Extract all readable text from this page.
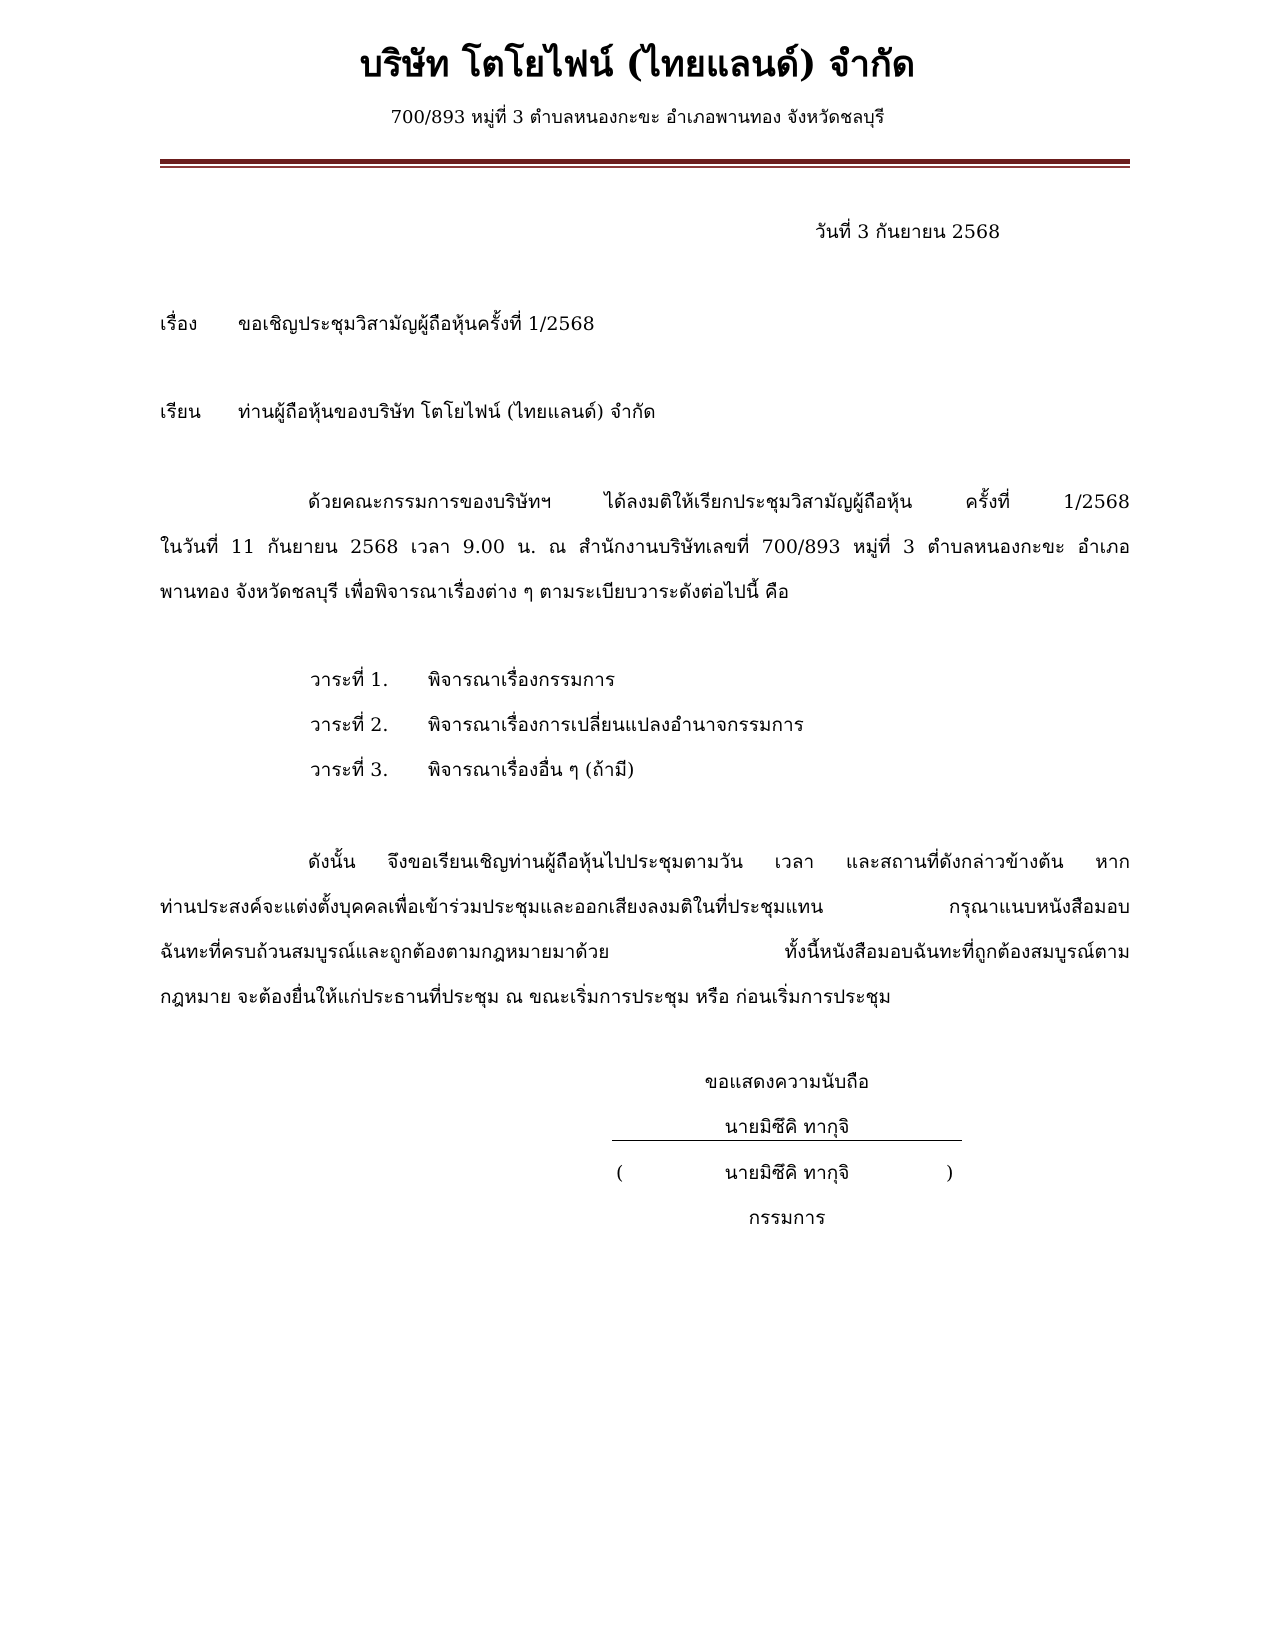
บริษัท โตโยไฟน์ (ไทยแลนด์) จำกัด
700/893 หมู่ที่ 3 ตำบลหนองกะขะ อำเภอพานทอง จังหวัดชลบุรี
วันที่ 3 กันยายน 2568
เรื่อง ขอเชิญประชุมวิสามัญผู้ถือหุ้นครั้งที่ 1/2568
เรียน ท่านผู้ถือหุ้นของบริษัท โตโยไฟน์ (ไทยแลนด์) จำกัด
ด้วยคณะกรรมการของบริษัทฯ ได้ลงมติให้เรียกประชุมวิสามัญผู้ถือหุ้น ครั้งที่ 1/2568
ในวันที่ 11 กันยายน 2568 เวลา 9.00 น. ณ สำนักงานบริษัทเลขที่ 700/893 หมู่ที่ 3 ตำบลหนองกะขะ อำเภอ
พานทอง จังหวัดชลบุรี เพื่อพิจารณาเรื่องต่าง ๆ ตามระเบียบวาระดังต่อไปนี้ คือ
วาระที่ 1. พิจารณาเรื่องกรรมการ
วาระที่ 2. พิจารณาเรื่องการเปลี่ยนแปลงอำนาจกรรมการ
วาระที่ 3. พิจารณาเรื่องอื่น ๆ (ถ้ามี)
ดังนั้น จึงขอเรียนเชิญท่านผู้ถือหุ้นไปประชุมตามวัน เวลา และสถานที่ดังกล่าวข้างต้น หาก
ท่านประสงค์จะแต่งตั้งบุคคลเพื่อเข้าร่วมประชุมและออกเสียงลงมติในที่ประชุมแทน กรุณาแนบหนังสือมอบ
ฉันทะที่ครบถ้วนสมบูรณ์และถูกต้องตามกฎหมายมาด้วย ทั้งนี้หนังสือมอบฉันทะที่ถูกต้องสมบูรณ์ตาม
กฎหมาย จะต้องยื่นให้แก่ประธานที่ประชุม ณ ขณะเริ่มการประชุม หรือ ก่อนเริ่มการประชุม
ขอแสดงความนับถือ
นายมิซึคิ ทากุจิ
นายมิซึคิ ทากุจิ
(	)
กรรมการ
